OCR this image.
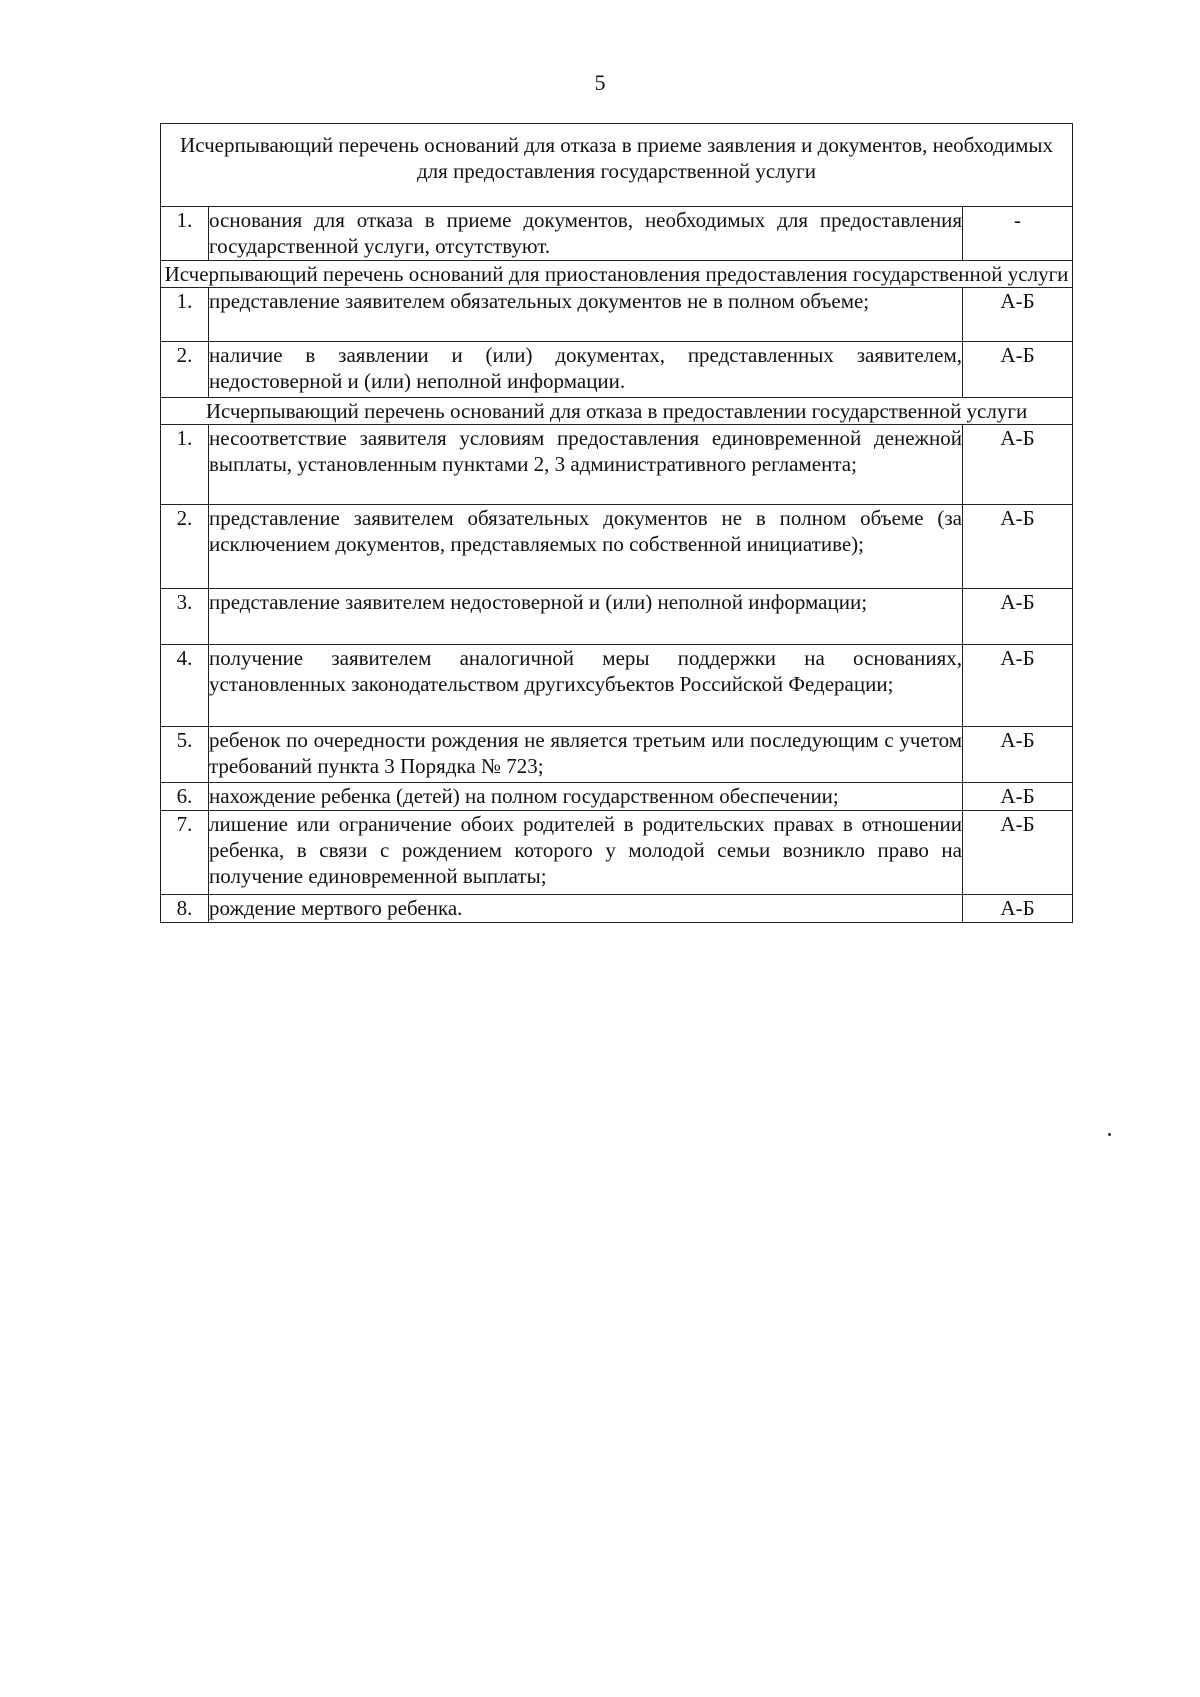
5
Исчерпывающий перечень оснований для отказа в приеме заявления и документов, необходимых для предоставления государственной услуги		
1.	основания для отказа в приеме документов, необходимых для предоставления государственной услуги, отсутствуют.	-
Исчерпывающий перечень оснований для приостановления предоставления государственной услуги		
1.	представление заявителем обязательных документов не в полном объеме;	А-Б
2.	наличие в заявлении и (или) документах, представленных заявителем, недостоверной и (или) неполной информации.	А-Б
Исчерпывающий перечень оснований для отказа в предоставлении государственной услуги		
1.	несоответствие заявителя условиям предоставления единовременной денежной выплаты, установленным пунктами 2, 3 административного регламента;	А-Б
2.	представление заявителем обязательных документов не в полном объеме (за исключением документов, представляемых по собственной инициативе);	А-Б
3.	представление заявителем недостоверной и (или) неполной информации;	А-Б
4.	получение заявителем аналогичной меры поддержки на основаниях, установленных законодательством другихсубъектов Российской Федерации;	А-Б
5.	ребенок по очередности рождения не является третьим или последующим с учетом требований пункта 3 Порядка № 723;	А-Б
6.	нахождение ребенка (детей) на полном государственном обеспечении;	А-Б
7.	лишение или ограничение обоих родителей в родительских правах в отношении ребенка, в связи с рождением которого у молодой семьи возникло право на получение единовременной выплаты;	А-Б
8.	рождение мертвого ребенка.	А-Б
